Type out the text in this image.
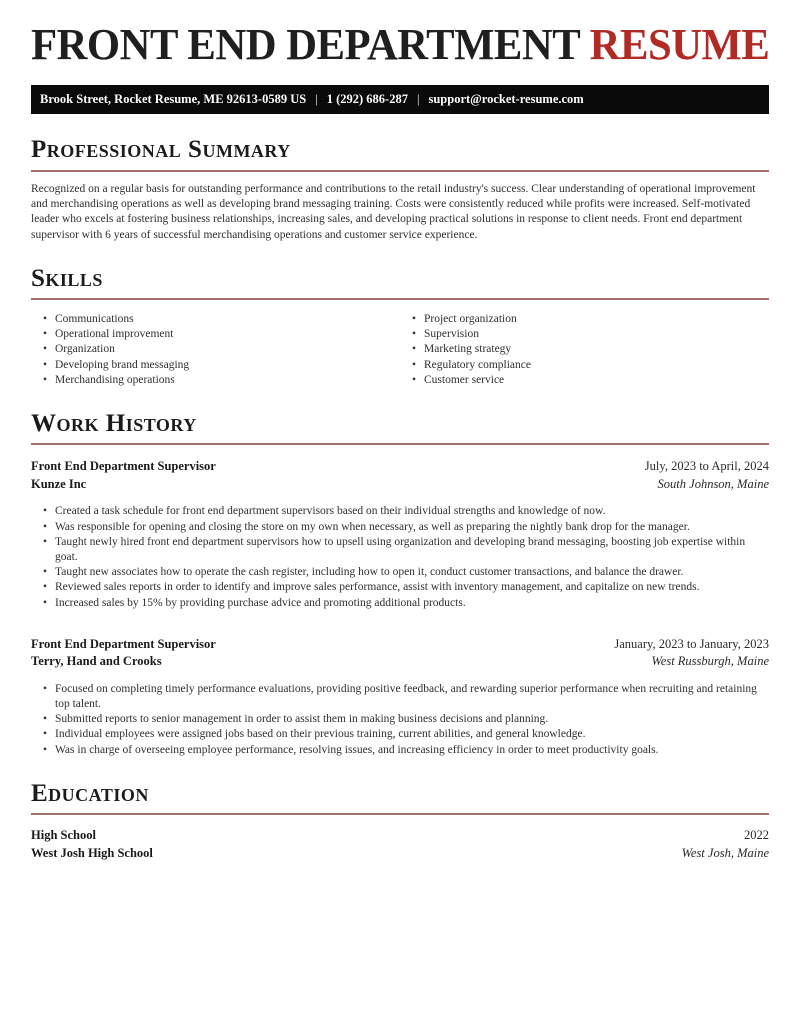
FRONT END DEPARTMENT RESUME
Brook Street, Rocket Resume, ME 92613-0589 US | 1 (292) 686-287 | support@rocket-resume.com
Professional Summary

Recognized on a regular basis for outstanding performance and contributions to the retail industry's success. Clear understanding of operational improvement and merchandising operations as well as developing brand messaging training. Costs were consistently reduced while profits were increased. Self-motivated leader who excels at fostering business relationships, increasing sales, and developing practical solutions in response to client needs. Front end department supervisor with 6 years of successful merchandising operations and customer service experience.

Skills
• Communications
• Operational improvement
• Organization
• Developing brand messaging
• Merchandising operations
• Project organization
• Supervision
• Marketing strategy
• Regulatory compliance
• Customer service
Work History
Front End Department Supervisor	July, 2023 to April, 2024
Kunze Inc	South Johnson, Maine
• Created a task schedule for front end department supervisors based on their individual strengths and knowledge of now.
• Was responsible for opening and closing the store on my own when necessary, as well as preparing the nightly bank drop for the manager.
• Taught newly hired front end department supervisors how to upsell using organization and developing brand messaging, boosting job expertise within goat.
• Taught new associates how to operate the cash register, including how to open it, conduct customer transactions, and balance the drawer.
• Reviewed sales reports in order to identify and improve sales performance, assist with inventory management, and capitalize on new trends.
• Increased sales by 15% by providing purchase advice and promoting additional products.
Front End Department Supervisor	January, 2023 to January, 2023
Terry, Hand and Crooks	West Russburgh, Maine
• Focused on completing timely performance evaluations, providing positive feedback, and rewarding superior performance when recruiting and retaining top talent.
• Submitted reports to senior management in order to assist them in making business decisions and planning.
• Individual employees were assigned jobs based on their previous training, current abilities, and general knowledge.
• Was in charge of overseeing employee performance, resolving issues, and increasing efficiency in order to meet productivity goals.
Education
High School	2022
West Josh High School	West Josh, Maine
